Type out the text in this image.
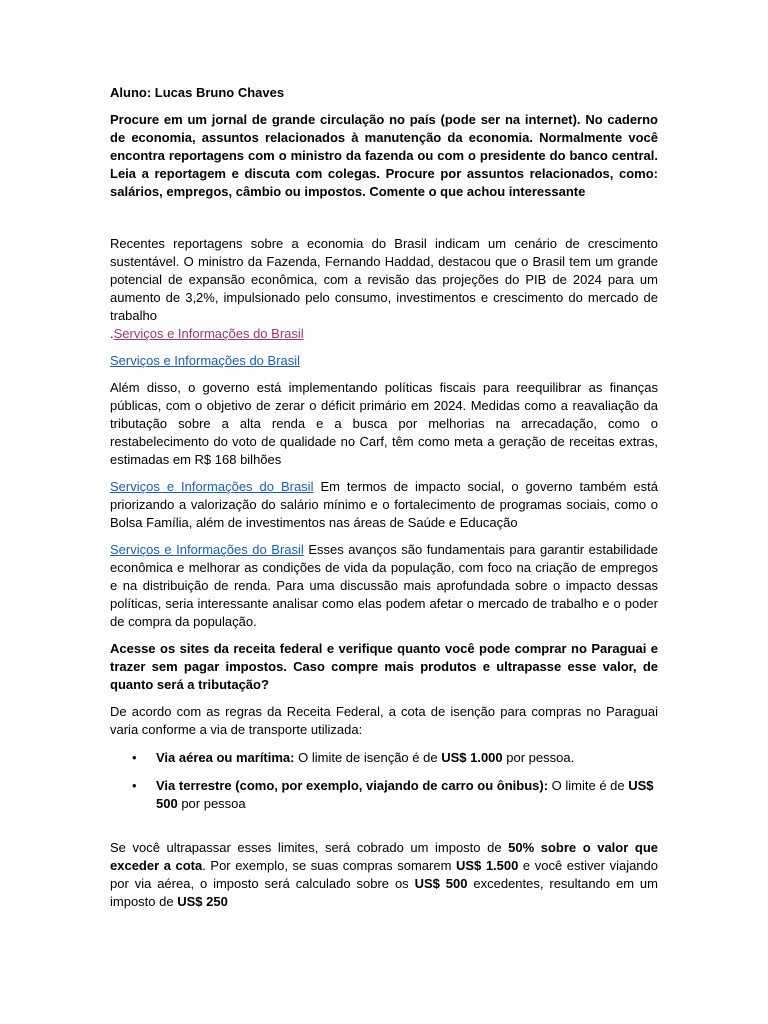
Aluno: Lucas Bruno Chaves

Procure em um jornal de grande circulação no país (pode ser na internet). No caderno de economia, assuntos relacionados à manutenção da economia. Normalmente você encontra reportagens com o ministro da fazenda ou com o presidente do banco central. Leia a reportagem e discuta com colegas. Procure por assuntos relacionados, como: salários, empregos, câmbio ou impostos. Comente o que achou interessante

Recentes reportagens sobre a economia do Brasil indicam um cenário de crescimento sustentável. O ministro da Fazenda, Fernando Haddad, destacou que o Brasil tem um grande potencial de expansão econômica, com a revisão das projeções do PIB de 2024 para um aumento de 3,2%, impulsionado pelo consumo, investimentos e crescimento do mercado de trabalho
.Serviços e Informações do Brasil

Serviços e Informações do Brasil

Além disso, o governo está implementando políticas fiscais para reequilibrar as finanças públicas, com o objetivo de zerar o déficit primário em 2024. Medidas como a reavaliação da tributação sobre a alta renda e a busca por melhorias na arrecadação, como o restabelecimento do voto de qualidade no Carf, têm como meta a geração de receitas extras, estimadas em R$ 168 bilhões

Serviços e Informações do Brasil Em termos de impacto social, o governo também está priorizando a valorização do salário mínimo e o fortalecimento de programas sociais, como o Bolsa Família, além de investimentos nas áreas de Saúde e Educação

Serviços e Informações do Brasil Esses avanços são fundamentais para garantir estabilidade econômica e melhorar as condições de vida da população, com foco na criação de empregos e na distribuição de renda. Para uma discussão mais aprofundada sobre o impacto dessas políticas, seria interessante analisar como elas podem afetar o mercado de trabalho e o poder de compra da população.

Acesse os sites da receita federal e verifique quanto você pode comprar no Paraguai e trazer sem pagar impostos. Caso compre mais produtos e ultrapasse esse valor, de quanto será a tributação?

De acordo com as regras da Receita Federal, a cota de isenção para compras no Paraguai varia conforme a via de transporte utilizada:

• Via aérea ou marítima: O limite de isenção é de US$ 1.000 por pessoa.
• Via terrestre (como, por exemplo, viajando de carro ou ônibus): O limite é de US$ 500 por pessoa

Se você ultrapassar esses limites, será cobrado um imposto de 50% sobre o valor que exceder a cota. Por exemplo, se suas compras somarem US$ 1.500 e você estiver viajando por via aérea, o imposto será calculado sobre os US$ 500 excedentes, resultando em um imposto de US$ 250
